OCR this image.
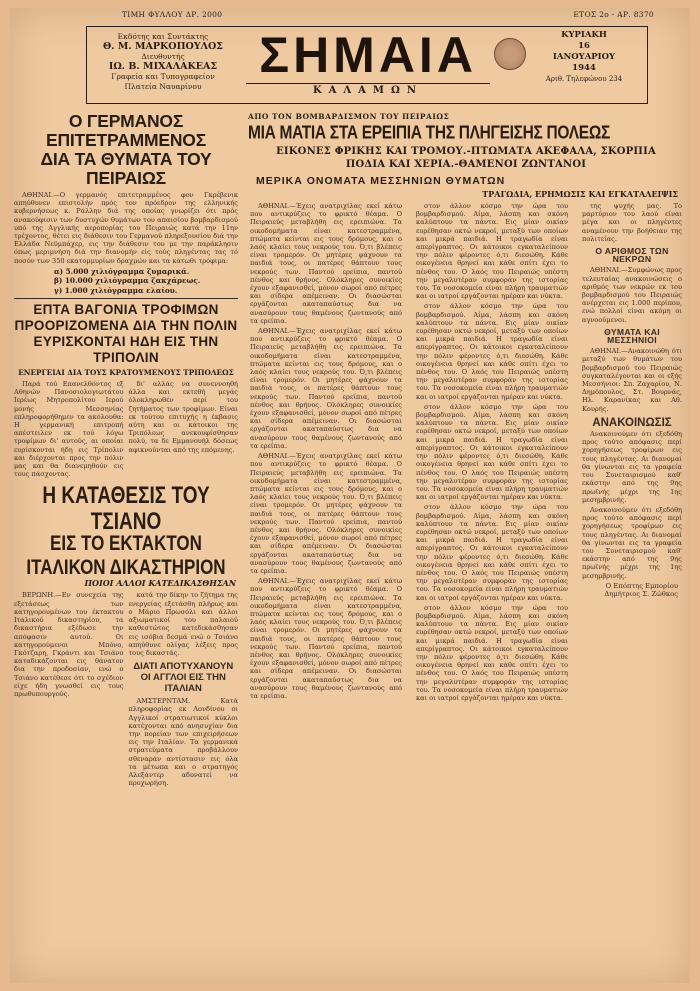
ΤΙΜΗ ΦΥΛΛΟΥ ΔΡ. 2000	ΕΤΟΣ 2ο - ΑΡ. 8370
Εκδότης και Συντάκτης
Θ. Μ. ΜΑΡΚΟΠΟΥΛΟΣ
Διευθυντής
ΙΩ. Β. ΜΙΧΑΛΑΚΕΑΣ
Γραφεία και Τυπογραφείον
Πλατεία Ναυαρίνου
ΣΗΜΑΙΑ
ΚΑΛΑΜΩΝ
ΚΥΡΙΑΚΗ
16
ΙΑΝΟΥΑΡΙΟΥ
1944
Αριθ. Τηλεφώνου 234
Ο ΓΕΡΜΑΝΟΣ ΕΠΙΤΕΤΡΑΜΜΕΝΟΣ
ΔΙΑ ΤΑ ΘΥΜΑΤΑ ΤΟΥ ΠΕΙΡΑΙΩΣ

ΑΘΗΝΑΙ.—Ο γερμανός επιτετραμμένος φον Γκρέβενικ απηύθυνεν επιστολήν πρός τον πρόεδρον της ελληνικής κυβερνήσεως κ. Ράλλην διά της οποίας γνωρίζει ότι πρός ανακούφισιν των δυστυχών θυμάτων του απαισίου βομβαρδισμού υπό της Αγγλικής αεροπορίας του Πειραιώς κατά την 11ην τρέχοντος, θέτει εις διάθεσιν του Γερμανού πληρεξουσίου διά την Ελλάδα Νεϋμπάχερ, εις την διάθεσιν του με την παράκλησιν όπως μεριμνήση διά την διανομήν είς τούς πληγέντας τας τό ποσόν των 350 εκατομμυρίων δραχμών και τα κάτωθι τρόφιμα:

α) 5.000 χιλιόγραμμα ζυμαρικά.
β) 10.000 χιλιόγραμμα ζακχάρεως.
γ) 1.000 χιλιόγραμμα ελαίου.
ΕΠΤΑ ΒΑΓΟΝΙΑ ΤΡΟΦΙΜΩΝ
ΠΡΟΟΡΙΖΟΜΕΝΑ ΔΙΑ ΤΗΝ ΠΟΛΙΝ
ΕΥΡΙΣΚΟΝΤΑΙ ΗΔΗ ΕΙΣ ΤΗΝ ΤΡΙΠΟΛΙΝ
ΕΝΕΡΓΕΙΑΙ ΔΙΑ ΤΟΥΣ ΚΡΑΤΟΥΜΕΝΟΥΣ ΤΡΙΠΟΛΕΩΣ

Παρά τού Επανελθόντος εξ Αθηνών Πανοσιολογιωτάτου Ιερέως Μητροπολίτου Ιερού μονής Μεσσηνίας επληροφορήθημεν τα ακόλουθα: Η γερμανική επιτροπή απέστειλεν εκ τού λόγω τροφίμων δι' αυτούς, αι οποίαι ευρίσκονται ήδη εις Τρίπολιν και διέρχονται προς την πόλιν μας και θα διανεμηθούν εις τους πάσχοντας.

δι' αλλάς να συνεννοηθή άλλα και εκτεθή μεγάς όλοκληρωθέν περί του ζητήματος των τροφίμων. Είναι εκ τούτου επιτυχής η έκβασις αύτη και οι κάτοικοι της Τριπόλεως ανεκουφίσθησαν πολύ, τα δε Εμμανουήλ δόσεως αφικνούνται από της επόμενης.

Η ΚΑΤΑΘΕΣΙΣ ΤΟΥ ΤΣΙΑΝΟ
ΕΙΣ ΤΟ ΕΚΤΑΚΤΟΝ ΙΤΑΛΙΚΟΝ ΔΙΚΑΣΤΗΡΙΟΝ
ΠΟΙΟΙ ΑΛΛΟΙ ΚΑΤΕΔΙΚΑΣΘΗΣΑΝ

ΒΕΡΩΝΗ.—Εν συνεχεία της εξετάσεως των κατηγορουμένων του έκτακτου Ιταλικού δικαστηρίου, τα δικαστήρια εξέδωσε την απόφασιν αυτού. Οι κατηγορούμενοι Μπόνο, Γκότζαρη, Γκράντι και Τσιάνο καταδικάζονται εις θάνατον δια την προδοσίαν, ενώ ο Τσιάνο κατέθεσε ότι το σχέδιον είχε ήδη γνωσθεί εις τους πρωθυπουργούς.

κατά την δίκην το ζήτημα της ενεργείας εξετάσθη πλήρως και ο Μάριο Πρωσόλι και άλλοι αξιωματικοί του παλαιού καθεστώτος κατεδικάσθησαν εις ισόβια δεσμά ενώ ο Τσιάνο απηύθυνε ολίγας λέξεις προς τους δικαστάς.

ΔΙΑΤΙ ΑΠΟΤΥΧΑΝΟΥΝ ΟΙ ΑΓΓΛΟΙ ΕΙΣ ΤΗΝ ΙΤΑΛΙΑΝ

ΑΜΣΤΕΡΝΤΑΜ. Κατά πληροφορίας εκ Λονδίνου οι Αγγλικοί στρατιωτικοί κύκλοι κατέχονται από ανησυχίαν δια την πορείαν των επιχειρήσεων εις την Ιταλίαν. Τα γερμανικά στρατεύματα προβάλλουν σθεναράν αντίστασιν εις όλα τα μέτωπα και ο στρατηγός Αλεξάντερ αδυνατεί να προχωρήση.

ΑΠΟ ΤΟΝ ΒΟΜΒΑΡΔΙΣΜΟΝ ΤΟΥ ΠΕΙΡΑΙΩΣ
ΜΙΑ ΜΑΤΙΑ ΣΤΑ ΕΡΕΙΠΙΑ ΤΗΣ ΠΛΗΓΕΙΣΗΣ ΠΟΛΕΩΣ
ΕΙΚΟΝΕΣ ΦΡΙΚΗΣ ΚΑΙ ΤΡΟΜΟΥ.-ΠΤΩΜΑΤΑ ΑΚΕΦΑΛΑ, ΣΚΟΡΠΙΑ
ΠΟΔΙΑ ΚΑΙ ΧΕΡΙΑ.-ΘΑΜΕΝΟΙ ΖΩΝΤΑΝΟΙ
ΜΕΡΙΚΑ ΟΝΟΜΑΤΑ ΜΕΣΣΗΝΙΩΝ ΘΥΜΑΤΩΝ
ΤΡΑΓΩΔΙΑ, ΕΡΗΜΩΣΙΣ ΚΑΙ ΕΓΚΑΤΑΛΕΙΨΙΣ

ΑΘΗΝΑΙ.—Έχεις ανατριχίλας εκεί κάτω που αντικρύζεις το φρικτό θέαμα. Ο Πειραιεύς μεταβλήθη εις ερειπιώνα. Τα οικοδομήματα είναι κατεστραμμένα, πτώματα κείνται εις τους δρόμους, και ο λαός κλαίει τους νεκρούς του. Ό,τι βλέπεις είναι τρομερόν. Οι μητέρες ψάχνουν τα παιδιά τους, οι πατέρες θάπτουν τους νεκρούς των. Παντού ερείπια, παντού πένθος και θρήνος. Ολόκληρες συνοικίες έχουν εξαφανισθεί, μόνον σωροί από πέτρες και σίδερα απέμειναν. Οι διασώσται εργάζονται ακαταπαύστως δια να ανασύρουν τους θαμένους ζωντανούς από τα ερείπια.

ΑΘΗΝΑΙ.—Έχεις ανατριχίλας εκεί κάτω που αντικρύζεις το φρικτό θέαμα. Ο Πειραιεύς μεταβλήθη εις ερειπιώνα. Τα οικοδομήματα είναι κατεστραμμένα, πτώματα κείνται εις τους δρόμους, και ο λαός κλαίει τους νεκρούς του. Ό,τι βλέπεις είναι τρομερόν. Οι μητέρες ψάχνουν τα παιδιά τους, οι πατέρες θάπτουν τους νεκρούς των. Παντού ερείπια, παντού πένθος και θρήνος. Ολόκληρες συνοικίες έχουν εξαφανισθεί, μόνον σωροί από πέτρες και σίδερα απέμειναν. Οι διασώσται εργάζονται ακαταπαύστως δια να ανασύρουν τους θαμένους ζωντανούς από τα ερείπια.

ΑΘΗΝΑΙ.—Έχεις ανατριχίλας εκεί κάτω που αντικρύζεις το φρικτό θέαμα. Ο Πειραιεύς μεταβλήθη εις ερειπιώνα. Τα οικοδομήματα είναι κατεστραμμένα, πτώματα κείνται εις τους δρόμους, και ο λαός κλαίει τους νεκρούς του. Ό,τι βλέπεις είναι τρομερόν. Οι μητέρες ψάχνουν τα παιδιά τους, οι πατέρες θάπτουν τους νεκρούς των. Παντού ερείπια, παντού πένθος και θρήνος. Ολόκληρες συνοικίες έχουν εξαφανισθεί, μόνον σωροί από πέτρες και σίδερα απέμειναν. Οι διασώσται εργάζονται ακαταπαύστως δια να ανασύρουν τους θαμένους ζωντανούς από τα ερείπια.

ΑΘΗΝΑΙ.—Έχεις ανατριχίλας εκεί κάτω που αντικρύζεις το φρικτό θέαμα. Ο Πειραιεύς μεταβλήθη εις ερειπιώνα. Τα οικοδομήματα είναι κατεστραμμένα, πτώματα κείνται εις τους δρόμους, και ο λαός κλαίει τους νεκρούς του. Ό,τι βλέπεις είναι τρομερόν. Οι μητέρες ψάχνουν τα παιδιά τους, οι πατέρες θάπτουν τους νεκρούς των. Παντού ερείπια, παντού πένθος και θρήνος. Ολόκληρες συνοικίες έχουν εξαφανισθεί, μόνον σωροί από πέτρες και σίδερα απέμειναν. Οι διασώσται εργάζονται ακαταπαύστως δια να ανασύρουν τους θαμένους ζωντανούς από τα ερείπια.

στον άλλον κόσμο την ώρα του βομβαρδισμού. Αίμα, λάσπη και σκόνη καλύπτουν τα πάντα. Εις μίαν οικίαν ευρέθησαν οκτώ νεκροί, μεταξύ των οποίων και μικρά παιδιά. Η τραγωδία είναι απερίγραπτος. Οι κάτοικοι εγκαταλείπουν την πόλιν φέροντες ό,τι διεσώθη. Κάθε οικογένεια θρηνεί και κάθε σπίτι έχει το πένθος του. Ο λαός του Πειραιώς υπέστη την μεγαλυτέραν συμφοράν της ιστορίας του. Τα νοσοκομεία είναι πλήρη τραυματιών και οι ιατροί εργάζονται ημέραν και νύκτα.

στον άλλον κόσμο την ώρα του βομβαρδισμού. Αίμα, λάσπη και σκόνη καλύπτουν τα πάντα. Εις μίαν οικίαν ευρέθησαν οκτώ νεκροί, μεταξύ των οποίων και μικρά παιδιά. Η τραγωδία είναι απερίγραπτος. Οι κάτοικοι εγκαταλείπουν την πόλιν φέροντες ό,τι διεσώθη. Κάθε οικογένεια θρηνεί και κάθε σπίτι έχει το πένθος του. Ο λαός του Πειραιώς υπέστη την μεγαλυτέραν συμφοράν της ιστορίας του. Τα νοσοκομεία είναι πλήρη τραυματιών και οι ιατροί εργάζονται ημέραν και νύκτα.

στον άλλον κόσμο την ώρα του βομβαρδισμού. Αίμα, λάσπη και σκόνη καλύπτουν τα πάντα. Εις μίαν οικίαν ευρέθησαν οκτώ νεκροί, μεταξύ των οποίων και μικρά παιδιά. Η τραγωδία είναι απερίγραπτος. Οι κάτοικοι εγκαταλείπουν την πόλιν φέροντες ό,τι διεσώθη. Κάθε οικογένεια θρηνεί και κάθε σπίτι έχει το πένθος του. Ο λαός του Πειραιώς υπέστη την μεγαλυτέραν συμφοράν της ιστορίας του. Τα νοσοκομεία είναι πλήρη τραυματιών και οι ιατροί εργάζονται ημέραν και νύκτα.

στον άλλον κόσμο την ώρα του βομβαρδισμού. Αίμα, λάσπη και σκόνη καλύπτουν τα πάντα. Εις μίαν οικίαν ευρέθησαν οκτώ νεκροί, μεταξύ των οποίων και μικρά παιδιά. Η τραγωδία είναι απερίγραπτος. Οι κάτοικοι εγκαταλείπουν την πόλιν φέροντες ό,τι διεσώθη. Κάθε οικογένεια θρηνεί και κάθε σπίτι έχει το πένθος του. Ο λαός του Πειραιώς υπέστη την μεγαλυτέραν συμφοράν της ιστορίας του. Τα νοσοκομεία είναι πλήρη τραυματιών και οι ιατροί εργάζονται ημέραν και νύκτα.

στον άλλον κόσμο την ώρα του βομβαρδισμού. Αίμα, λάσπη και σκόνη καλύπτουν τα πάντα. Εις μίαν οικίαν ευρέθησαν οκτώ νεκροί, μεταξύ των οποίων και μικρά παιδιά. Η τραγωδία είναι απερίγραπτος. Οι κάτοικοι εγκαταλείπουν την πόλιν φέροντες ό,τι διεσώθη. Κάθε οικογένεια θρηνεί και κάθε σπίτι έχει το πένθος του. Ο λαός του Πειραιώς υπέστη την μεγαλυτέραν συμφοράν της ιστορίας του. Τα νοσοκομεία είναι πλήρη τραυματιών και οι ιατροί εργάζονται ημέραν και νύκτα.

της ψυχής μας. Το μαρτύριον του λαού είναι μέγα και οι πληγέντες αναμένουν την βοήθειαν της πολιτείας.

Ο ΑΡΙΘΜΟΣ ΤΩΝ ΝΕΚΡΩΝ

ΑΘΗΝΑΙ.—Συμφώνως προς τελευταίας ανακοινώσεις ο αριθμός των νεκρών εκ του βομβαρδισμού του Πειραιώς ανέρχεται εις 1.000 περίπου, ενώ πολλοί είναι ακόμη οι αγνοούμενοι.

ΘΥΜΑΤΑ ΚΑΙ ΜΕΣΣΗΝΙΟΙ

ΑΘΗΝΑΙ.—Ανακοινώθη ότι μεταξύ των θυμάτων του βομβαρδισμού του Πειραιώς συγκαταλέγονται και οι εξής Μεσσήνιοι: Σπ. Ζαχαρίου, Ν. Δημόπουλος, Στ. Βουρνάς, Ηλ. Καρανίκας και Αθ. Κουρής.

ΑΝΑΚΟΙΝΩΣΙΣ

Ανακοινούμεν ότι εξεδόθη προς τούτο απόφασις περί χορηγήσεως τροφίμων εις τους πληγέντας. Αι διανομαί θα γίνωνται εις τα γραφεία του Συνεταιρισμού καθ' εκάστην από της 9ης πρωϊνής μέχρι της 1ης μεσημβρινής.

Ανακοινούμεν ότι εξεδόθη προς τούτο απόφασις περί χορηγήσεως τροφίμων εις τους πληγέντας. Αι διανομαί θα γίνωνται εις τα γραφεία του Συνεταιρισμού καθ' εκάστην από της 9ης πρωϊνής μέχρι της 1ης μεσημβρινής.

Ο Επόπτης Εμπορίου
Δημήτριος Σ. Ζώθκος
